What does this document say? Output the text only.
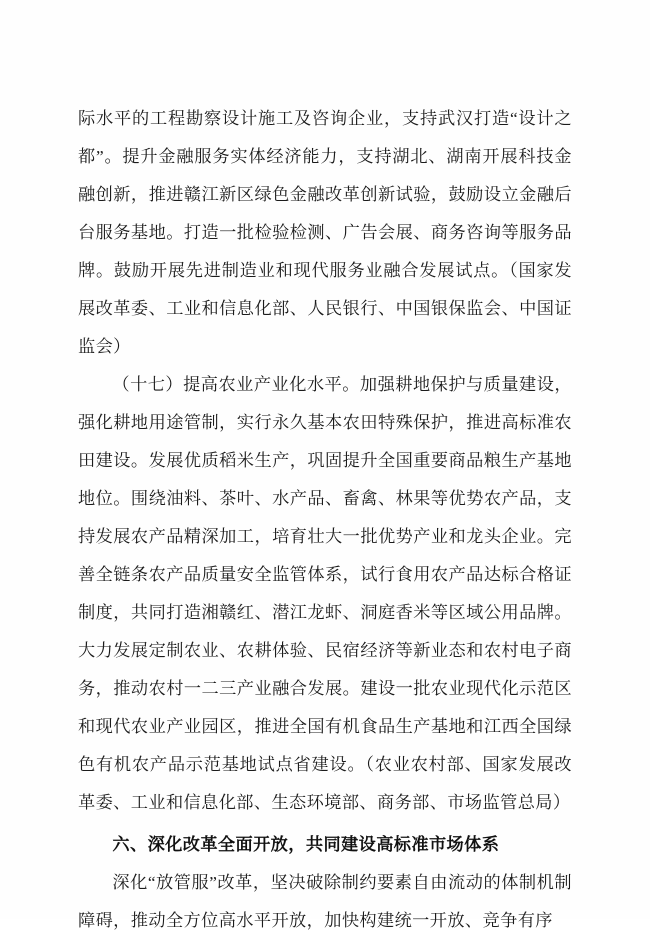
际水平的工程勘察设计施工及咨询企业，支持武汉打造“设计之都”。提升金融服务实体经济能力，支持湖北、湖南开展科技金融创新，推进赣江新区绿色金融改革创新试验，鼓励设立金融后台服务基地。打造一批检验检测、广告会展、商务咨询等服务品牌。鼓励开展先进制造业和现代服务业融合发展试点。（国家发展改革委、工业和信息化部、人民银行、中国银保监会、中国证监会）

（十七）提高农业产业化水平。加强耕地保护与质量建设，强化耕地用途管制，实行永久基本农田特殊保护，推进高标准农田建设。发展优质稻米生产，巩固提升全国重要商品粮生产基地地位。围绕油料、茶叶、水产品、畜禽、林果等优势农产品，支持发展农产品精深加工，培育壮大一批优势产业和龙头企业。完善全链条农产品质量安全监管体系，试行食用农产品达标合格证制度，共同打造湘赣红、潜江龙虾、洞庭香米等区域公用品牌。大力发展定制农业、农耕体验、民宿经济等新业态和农村电子商务，推动农村一二三产业融合发展。建设一批农业现代化示范区和现代农业产业园区，推进全国有机食品生产基地和江西全国绿色有机农产品示范基地试点省建设。（农业农村部、国家发展改革委、工业和信息化部、生态环境部、商务部、市场监管总局）

六、深化改革全面开放，共同建设高标准市场体系

深化“放管服”改革，坚决破除制约要素自由流动的体制机制障碍，推动全方位高水平开放，加快构建统一开放、竞争有序
